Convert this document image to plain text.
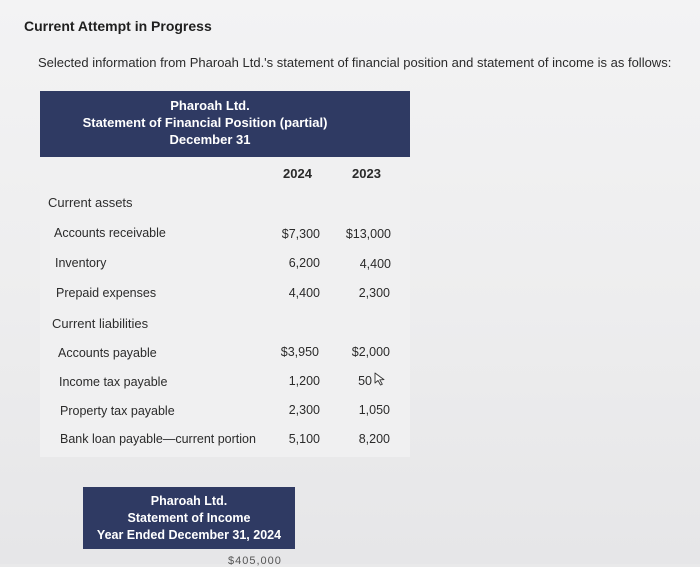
Current Attempt in Progress
Selected information from Pharoah Ltd.'s statement of financial position and statement of income is as follows:
Pharoah Ltd.
Statement of Financial Position (partial)
December 31
2024	2023
Current assets
Accounts receivable	$7,300	$13,000
Inventory	6,200	4,400
Prepaid expenses	4,400	2,300
Current liabilities
Accounts payable	$3,950	$2,000
Income tax payable	1,200	50
Property tax payable	2,300	1,050
Bank loan payable—current portion	5,100	8,200
Pharoah Ltd.
Statement of Income
Year Ended December 31, 2024
$405,000
